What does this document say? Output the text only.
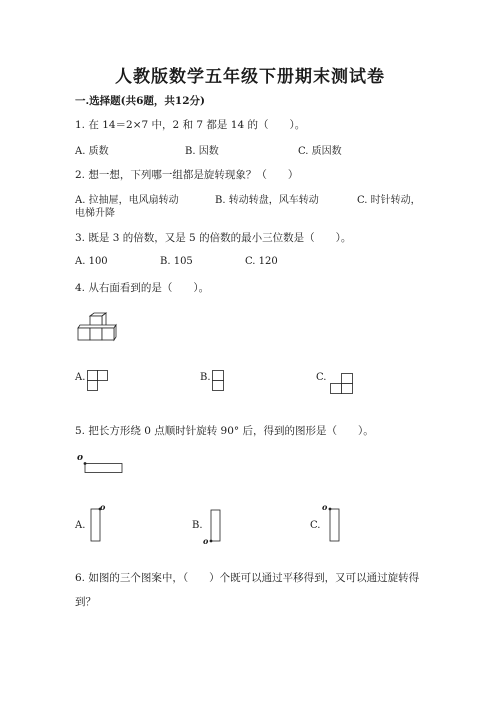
人教版数学五年级下册期末测试卷
一.选择题(共6题，共12分)
1. 在 14＝2×7 中，2 和 7 都是 14 的（　　）。
A. 质数	B. 因数	C. 质因数
2. 想一想，下列哪一组都是旋转现象？（　　）
A. 拉抽屉，电风扇转动	B. 转动转盘，风车转动	C. 时针转动，
电梯升降
3. 既是 3 的倍数，又是 5 的倍数的最小三位数是（　　）。
A. 100	B. 105	C. 120
4. 从右面看到的是（　　）。
A.	B.	C.
5. 把长方形绕 0 点顺时针旋转 90° 后，得到的图形是（　　）。
o
A.
o
B.
o
C.
o
6. 如图的三个图案中，（　　）个既可以通过平移得到，又可以通过旋转得
到？
